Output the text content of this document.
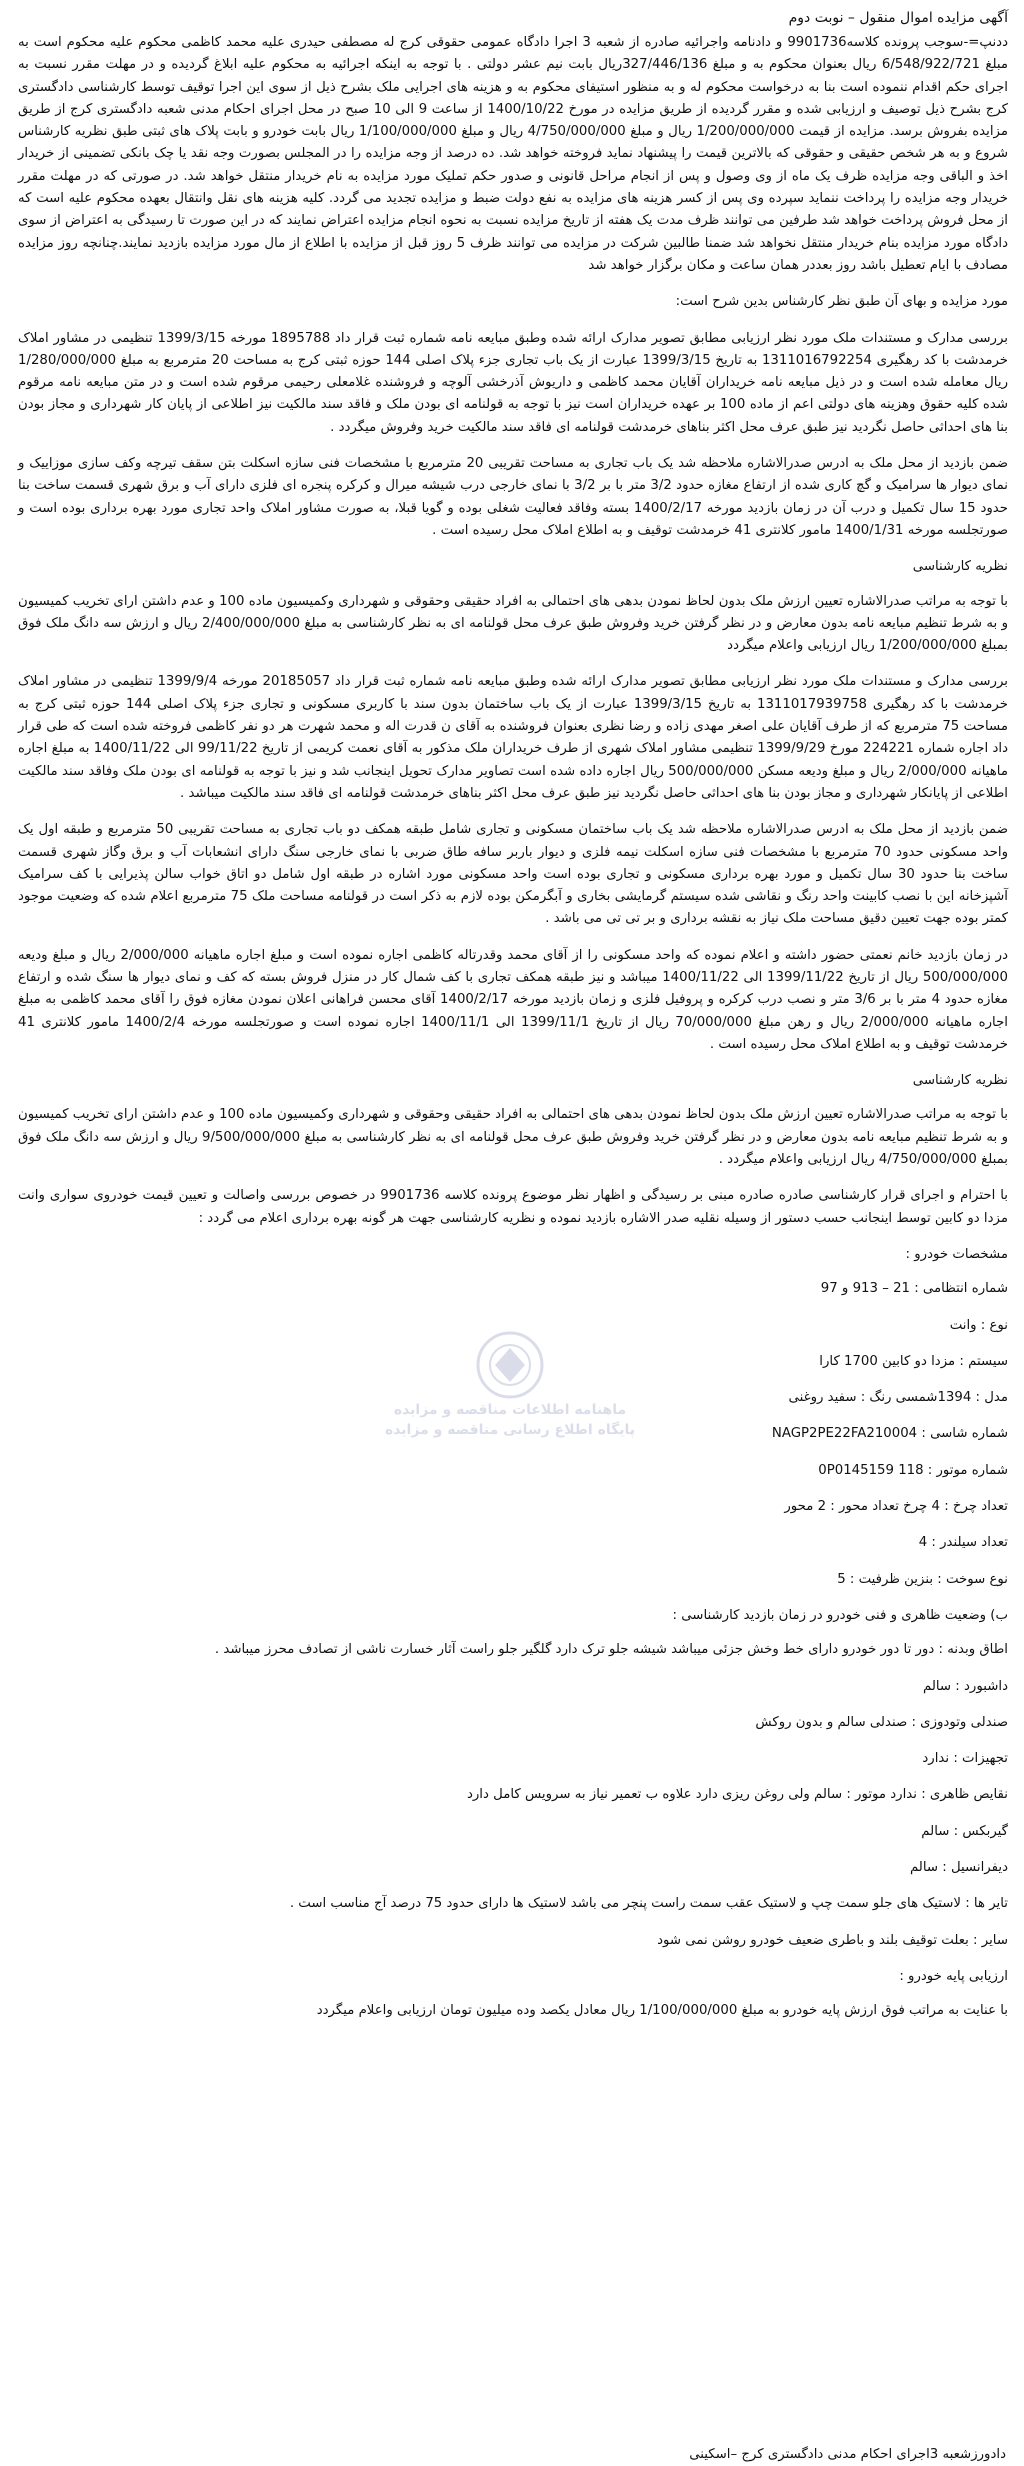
آگهی مزایده اموال منقول – نوبت دوم

ددنپ=-سوجب پرونده کلاسه9901736 و دادنامه واجرائیه صادره از شعبه 3 اجرا دادگاه عمومی حقوقی کرج له مصطفی حیدری علیه محمد کاظمی محکوم علیه محکوم است به مبلغ 6/548/922/721 ریال بعنوان محکوم به و مبلغ 327/446/136ریال بابت نیم عشر دولتی . با توجه به اینکه اجرائیه به محکوم علیه ابلاغ گردیده و در مهلت مقرر نسبت به اجرای حکم اقدام ننموده است بنا به درخواست محکوم له و به منظور استیفای محکوم به و هزینه های اجرایی ملک بشرح ذیل از سوی این اجرا توقیف توسط کارشناسی دادگستری کرج بشرح ذیل توصیف و ارزیابی شده و مقرر گردیده از طریق مزایده در مورخ 1400/10/22 از ساعت 9 الی 10 صبح در محل اجرای احکام مدنی شعبه دادگستری کرج از طریق مزایده بفروش برسد. مزایده از قیمت 1/200/000/000 ریال و مبلغ 4/750/000/000 ریال و مبلغ 1/100/000/000 ریال بابت خودرو و بابت پلاک های ثبتی طبق نظریه کارشناس شروع و به هر شخص حقیقی و حقوقی که بالاترین قیمت را پیشنهاد نماید فروخته خواهد شد. ده درصد از وجه مزایده را در المجلس بصورت وجه نقد یا چک بانکی تضمینی از خریدار اخذ و الباقی وجه مزایده ظرف یک ماه از وی وصول و پس از انجام مراحل قانونی و صدور حکم تملیک مورد مزایده به نام خریدار منتقل خواهد شد. در صورتی که در مهلت مقرر خریدار وجه مزایده را پرداخت ننماید سپرده وی پس از کسر هزینه های مزایده به نفع دولت ضبط و مزایده تجدید می گردد. کلیه هزینه های نقل وانتقال بعهده محکوم علیه است که از محل فروش پرداخت خواهد شد طرفین می توانند ظرف مدت یک هفته از تاریخ مزایده نسبت به نحوه انجام مزایده اعتراض نمایند که در این صورت تا رسیدگی به اعتراض از سوی دادگاه مورد مزایده بنام خریدار منتقل نخواهد شد ضمنا طالبین شرکت در مزایده می توانند ظرف 5 روز قبل از مزایده با اطلاع از مال مورد مزایده بازدید نمایند.چنانچه روز مزایده مصادف با ایام تعطیل باشد روز بعددر همان ساعت و مکان برگزار خواهد شد

مورد مزایده و بهای آن طبق نظر کارشناس بدین شرح است:

بررسی مدارک و مستندات ملک مورد نظر ارزیابی مطابق تصویر مدارک ارائه شده وطبق مبایعه نامه شماره ثبت قرار داد 1895788 مورخه 1399/3/15 تنظیمی در مشاور املاک خرمدشت با کد رهگیری 1311016792254 به تاریخ 1399/3/15 عبارت از یک باب تجاری جزء پلاک اصلی 144 حوزه ثبتی کرج به مساحت 20 مترمربع به مبلغ 1/280/000/000 ریال معامله شده است و در ذیل مبایعه نامه خریداران آقایان محمد کاظمی و داریوش آذرخشی آلوچه و فروشنده غلامعلی رحیمی مرقوم شده است و در متن مبایعه نامه مرقوم شده کلیه حقوق وهزینه های دولتی اعم از ماده 100 بر عهده خریداران است نیز با توجه به قولنامه ای بودن ملک و فاقد سند مالکیت نیز اطلاعی از پایان کار شهرداری و مجاز بودن بنا های احداثی حاصل نگردید نیز طبق عرف محل اکثر بناهای خرمدشت قولنامه ای فاقد سند مالکیت خرید وفروش میگردد .

ضمن بازدید از محل ملک به ادرس صدرالاشاره ملاحظه شد یک باب تجاری به مساحت تقریبی 20 مترمربع با مشخصات فنی سازه اسکلت بتن سقف تیرچه وکف سازی موزاییک و نمای دیوار ها سرامیک و گچ کاری شده از ارتفاع مغازه حدود 3/2 متر با بر 3/2 با نمای خارجی درب شیشه میرال و کرکره پنجره ای فلزی دارای آب و برق شهری قسمت ساخت بنا حدود 15 سال تکمیل و درب آن در زمان بازدید مورخه 1400/2/17 بسته وفاقد فعالیت شغلی بوده و گویا قبلا، به صورت مشاور املاک واحد تجاری مورد بهره برداری بوده است و صورتجلسه مورخه 1400/1/31 مامور کلانتری 41 خرمدشت توقیف و به اطلاع املاک محل رسیده است .

نظریه کارشناسی

با توجه به مراتب صدرالاشاره تعیین ارزش ملک بدون لحاظ نمودن بدهی های احتمالی به افراد حقیقی وحقوقی و شهرداری وکمیسیون ماده 100 و عدم داشتن ارای تخریب کمیسیون و به شرط تنظیم مبایعه نامه بدون معارض و در نظر گرفتن خرید وفروش طبق عرف محل قولنامه ای به نظر کارشناسی به مبلغ 2/400/000/000 ریال و ارزش سه دانگ ملک فوق بمبلغ 1/200/000/000 ریال ارزیابی واعلام میگردد

بررسی مدارک و مستندات ملک مورد نظر ارزیابی مطابق تصویر مدارک ارائه شده وطبق مبایعه نامه شماره ثبت قرار داد 20185057 مورخه 1399/9/4 تنظیمی در مشاور املاک خرمدشت با کد رهگیری 1311017939758 به تاریخ 1399/3/15 عبارت از یک باب ساختمان بدون سند با کاربری مسکونی و تجاری جزء پلاک اصلی 144 حوزه ثبتی کرج به مساحت 75 مترمربع که از طرف آقایان علی اصغر مهدی زاده و رضا نظری بعنوان فروشنده به آقای ن قدرت اله و محمد شهرت هر دو نفر کاظمی فروخته شده است که طی قرار داد اجاره شماره 224221 مورخ 1399/9/29 تنظیمی مشاور املاک شهری از طرف خریداران ملک مذکور به آقای نعمت کریمی از تاریخ 99/11/22 الی 1400/11/22 به مبلغ اجاره ماهیانه 2/000/000 ریال و مبلغ ودیعه مسکن 500/000/000 ریال اجاره داده شده است تصاویر مدارک تحویل اینجانب شد و نیز با توجه به قولنامه ای بودن ملک وفاقد سند مالکیت اطلاعی از پایانکار شهرداری و مجاز بودن بنا های احداثی حاصل نگردید نیز طبق عرف محل اکثر بناهای خرمدشت قولنامه ای فاقد سند مالکیت میباشد .

ضمن بازدید از محل ملک به ادرس صدرالاشاره ملاحظه شد یک باب ساختمان مسکونی و تجاری شامل طبقه همکف دو باب تجاری به مساحت تقریبی 50 مترمربع و طبقه اول یک واحد مسکونی حدود 70 مترمربع با مشخصات فنی سازه اسکلت نیمه فلزی و دیوار باربر سافه طاق ضربی با نمای خارجی سنگ دارای انشعابات آب و برق وگاز شهری قسمت ساخت بنا حدود 30 سال تکمیل و مورد بهره برداری مسکونی و تجاری بوده است واحد مسکونی مورد اشاره در طبقه اول شامل دو اتاق خواب سالن پذیرایی با کف سرامیک آشپزخانه این با نصب کابینت واحد رنگ و نقاشی شده سیستم گرمایشی بخاری و آبگرمکن بوده لازم به ذکر است در قولنامه مساحت ملک 75 مترمربع اعلام شده که وضعیت موجود کمتر بوده جهت تعیین دقیق مساحت ملک نیاز به نقشه برداری و بر تی تی می باشد .

در زمان بازدید خانم نعمتی حضور داشته و اعلام نموده که واحد مسکونی را از آقای محمد وقدرتاله کاظمی اجاره نموده است و مبلغ اجاره ماهیانه 2/000/000 ریال و مبلغ ودیعه 500/000/000 ریال از تاریخ 1399/11/22 الی 1400/11/22 میباشد و نیز طبقه همکف تجاری با کف شمال کار در منزل فروش بسته که کف و نمای دیوار ها سنگ شده و ارتفاع مغازه حدود 4 متر با بر 3/6 متر و نصب درب کرکره و پروفیل فلزی و زمان بازدید مورخه 1400/2/17 آقای محسن فراهانی اعلان نمودن مغازه فوق را آقای محمد کاظمی به مبلغ اجاره ماهیانه 2/000/000 ریال و رهن مبلغ 70/000/000 ریال از تاریخ 1399/11/1 الی 1400/11/1 اجاره نموده است و صورتجلسه مورخه 1400/2/4 مامور کلانتری 41 خرمدشت توقیف و به اطلاع املاک محل رسیده است .

نظریه کارشناسی

با توجه به مراتب صدرالاشاره تعیین ارزش ملک بدون لحاظ نمودن بدهی های احتمالی به افراد حقیقی وحقوقی و شهرداری وکمیسیون ماده 100 و عدم داشتن ارای تخریب کمیسیون و به شرط تنظیم مبایعه نامه بدون معارض و در نظر گرفتن خرید وفروش طبق عرف محل قولنامه ای به نظر کارشناسی به مبلغ 9/500/000/000 ریال و ارزش سه دانگ ملک فوق بمبلغ 4/750/000/000 ریال ارزیابی واعلام میگردد .

با احترام و اجرای قرار کارشناسی صادره صادره مبنی بر رسیدگی و اظهار نظر موضوع پرونده کلاسه 9901736 در خصوص بررسی واصالت و تعیین قیمت خودروی سواری وانت مزدا دو کابین توسط اینجانب حسب دستور از وسیله نقلیه صدر الاشاره بازدید نموده و نظریه کارشناسی جهت هر گونه بهره برداری اعلام می گردد :

مشخصات خودرو :
شماره انتظامی : 21 – 913 و 97
نوع : وانت
سیستم : مزدا دو کابین 1700 کارا
مدل : 1394شمسی رنگ : سفید روغنی
شماره شاسی : NAGP2PE22FA210004
شماره موتور : 118 0P0145159
تعداد چرخ : 4 چرخ تعداد محور : 2 محور
تعداد سیلندر : 4
نوع سوخت : بنزین ظرفیت : 5
ب) وضعیت ظاهری و فنی خودرو در زمان بازدید کارشناسی :
اطاق وبدنه : دور تا دور خودرو دارای خط وخش جزئی میباشد شیشه جلو ترک دارد گلگیر جلو راست آثار خسارت ناشی از تصادف محرز میباشد .
داشبورد : سالم
صندلی وتودوزی : صندلی سالم و بدون روکش
تجهیزات : ندارد
نقایص ظاهری : ندارد موتور : سالم ولی روغن ریزی دارد علاوه ب تعمیر نیاز به سرویس کامل دارد
گیربکس : سالم
دیفرانسیل : سالم
تایر ها : لاستیک های جلو سمت چپ و لاستیک عقب سمت راست پنچر می باشد لاستیک ها دارای حدود 75 درصد آج مناسب است .
سایر : بعلت توقیف بلند و باطری ضعیف خودرو روشن نمی شود
ارزیابی پایه خودرو :

با عنایت به مراتب فوق ارزش پایه خودرو به مبلغ 1/100/000/000 ریال معادل یکصد وده میلیون تومان ارزیابی واعلام میگردد

ماهنامه اطلاعات مناقصه و مزایده
پایگاه اطلاع رسانی مناقصه و مزایده
دادورزشعبه 3اجرای احکام مدنی دادگستری کرج –اسکینی
